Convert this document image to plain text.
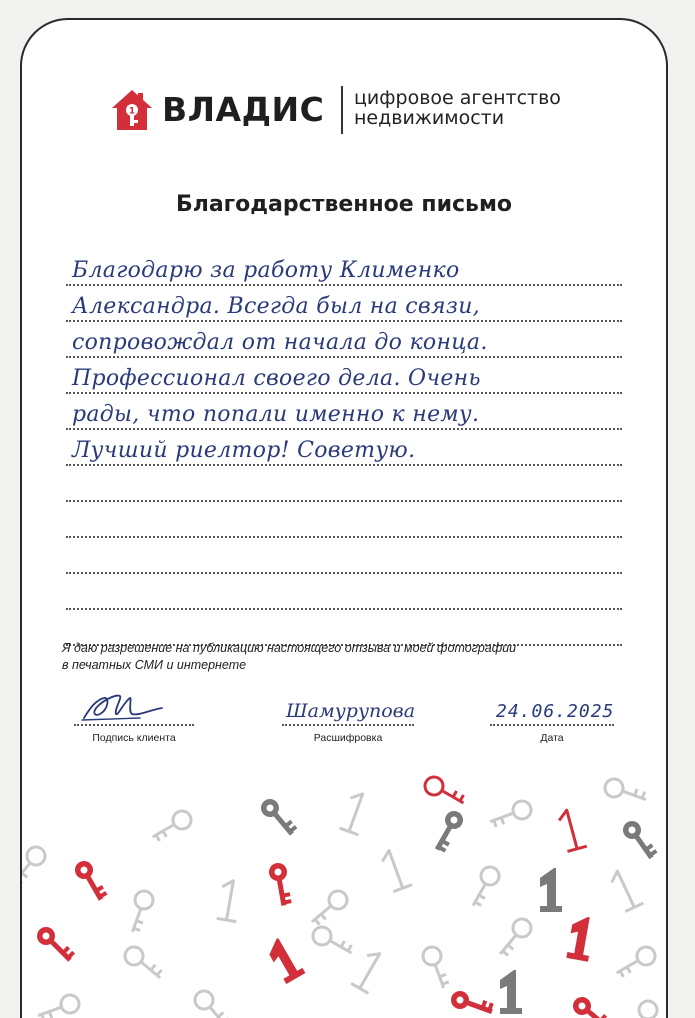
1 ВЛАДИС цифровое агентство
недвижимости
Благодарственное письмо
Благодарю за работу Клименко
Александра. Всегда был на связи,
сопровождал от начала до конца.
Профессионал своего дела. Очень
рады, что попали именно к нему.
Лучший риелтор! Советую.
Я даю разрешение на публикацию настоящего отзыва и моей фотографии
в печатных СМИ и интернете
Подпись клиента
Шамурупова
Расшифровка
24.06.2025
Дата
